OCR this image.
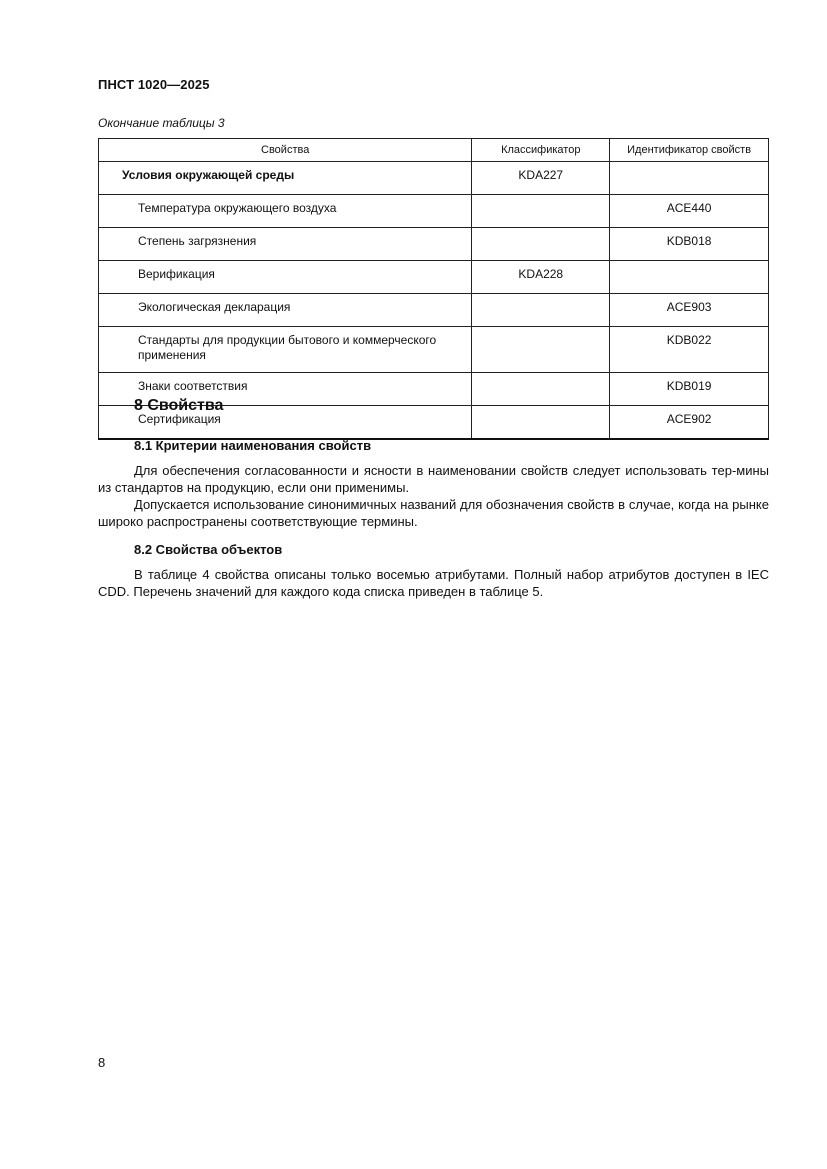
ПНСТ 1020—2025
Окончание таблицы 3
Свойства	Классификатор	Идентификатор свойств
Условия окружающей среды	KDA227	
Температура окружающего воздуха		ACE440
Степень загрязнения		KDB018
Верификация	KDA228	
Экологическая декларация		ACE903
Стандарты для продукции бытового и коммерческого применения		KDB022
Знаки соответствия		KDB019
Сертификация		ACE902
8 Свойства
8.1 Критерии наименования свойств
Для обеспечения согласованности и ясности в наименовании свойств следует использовать тер-мины из стандартов на продукцию, если они применимы.
Допускается использование синонимичных названий для обозначения свойств в случае, когда на рынке широко распространены соответствующие термины.
8.2 Свойства объектов
В таблице 4 свойства описаны только восемью атрибутами. Полный набор атрибутов доступен в IEC CDD. Перечень значений для каждого кода списка приведен в таблице 5.
8
